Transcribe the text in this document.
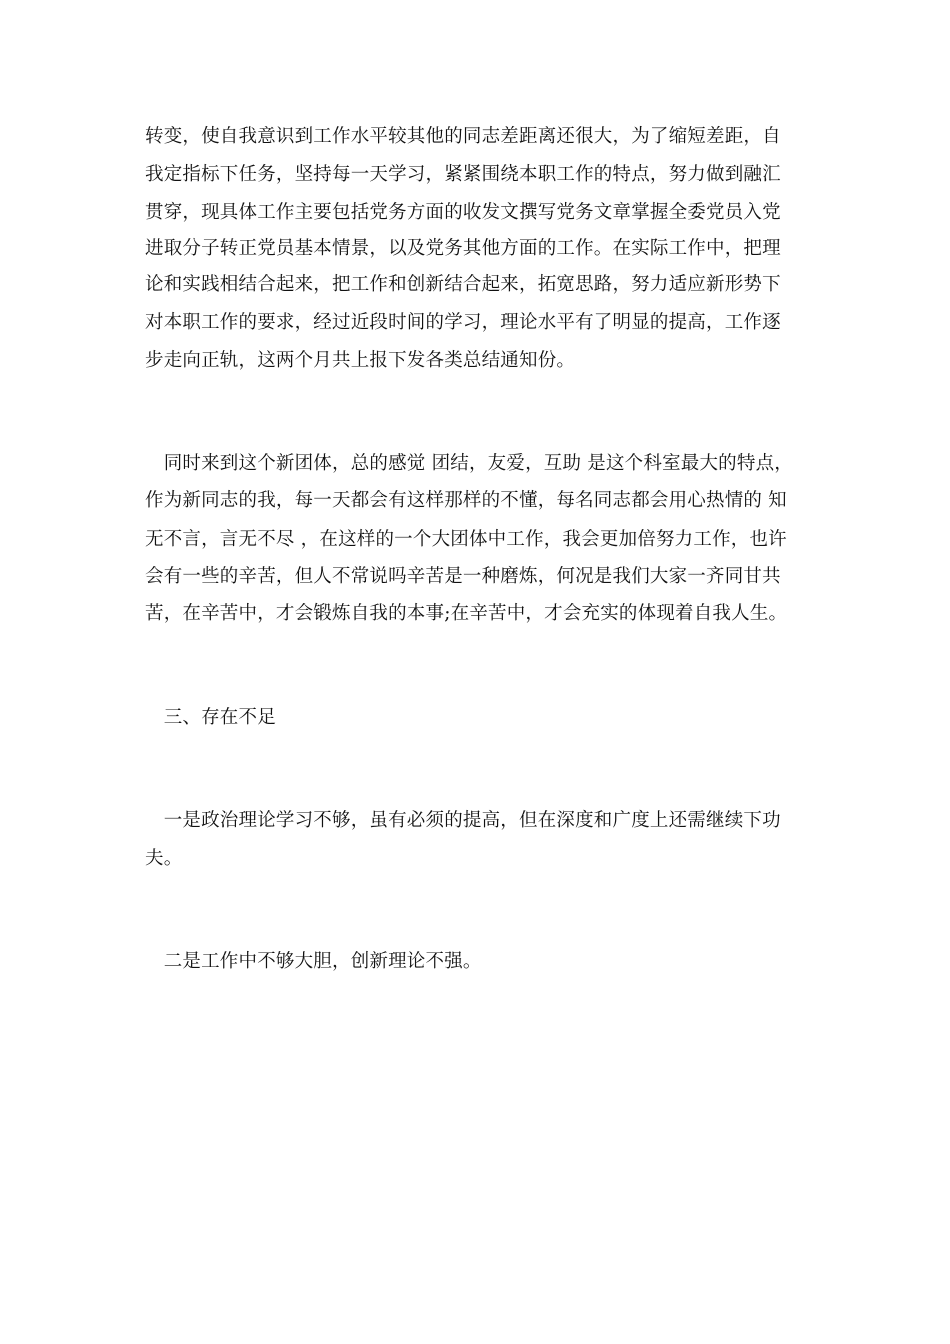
转变，使自我意识到工作水平较其他的同志差距离还很大，为了缩短差距，自
我定指标下任务，坚持每一天学习，紧紧围绕本职工作的特点，努力做到融汇
贯穿，现具体工作主要包括党务方面的收发文撰写党务文章掌握全委党员入党
进取分子转正党员基本情景，以及党务其他方面的工作。在实际工作中，把理
论和实践相结合起来，把工作和创新结合起来，拓宽思路，努力适应新形势下
对本职工作的要求，经过近段时间的学习，理论水平有了明显的提高，工作逐
步走向正轨，这两个月共上报下发各类总结通知份。
　同时来到这个新团体，总的感觉 团结，友爱，互助 是这个科室最大的特点，
作为新同志的我，每一天都会有这样那样的不懂，每名同志都会用心热情的 知
无不言，言无不尽 ，在这样的一个大团体中工作，我会更加倍努力工作，也许
会有一些的辛苦，但人不常说吗辛苦是一种磨炼，何况是我们大家一齐同甘共
苦，在辛苦中，才会锻炼自我的本事;在辛苦中，才会充实的体现着自我人生。
　三、存在不足
　一是政治理论学习不够，虽有必须的提高，但在深度和广度上还需继续下功
夫。
　二是工作中不够大胆，创新理论不强。
